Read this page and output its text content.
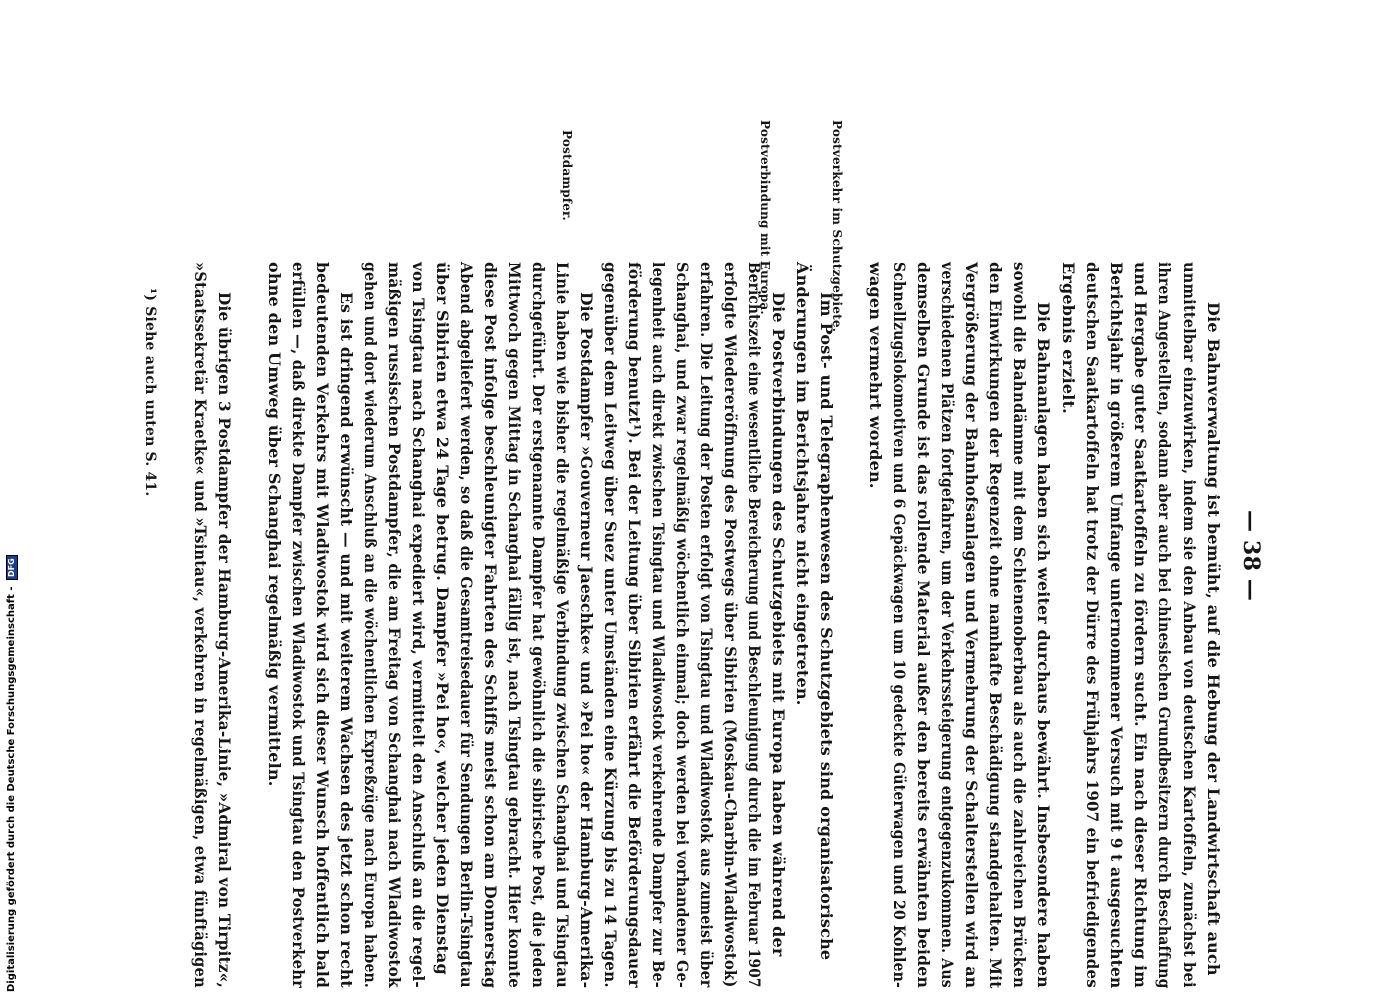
— 38 —
Die Bahnverwaltung ist bemüht, auf die Hebung der Landwirtschaft auch
unmittelbar einzuwirken, indem sie den Anbau von deutschen Kartoffeln, zunächst bei
ihren Angestellten, sodann aber auch bei chinesischen Grundbesitzern durch Beschaffung
und Hergabe guter Saatkartoffeln zu fördern sucht. Ein nach dieser Richtung im
Berichtsjahr in größerem Umfange unternommener Versuch mit 9 t ausgesuchten
deutschen Saatkartoffeln hat trotz der Dürre des Frühjahrs 1907 ein befriedigendes
Ergebnis erzielt.
Die Bahnanlagen haben sich weiter durchaus bewährt. Insbesondere haben
sowohl die Bahndämme mit dem Schienenoberbau als auch die zahlreichen Brücken
den Einwirkungen der Regenzeit ohne namhafte Beschädigung standgehalten. Mit
Vergrößerung der Bahnhofsanlagen und Vermehrung der Schalterstellen wird an
verschiedenen Plätzen fortgefahren, um der Verkehrssteigerung entgegenzukommen. Aus
demselben Grunde ist das rollende Material außer den bereits erwähnten beiden
Schnellzugslokomotiven und 6 Gepäckwagen um 10 gedeckte Güterwagen und 20 Kohlen-
wagen vermehrt worden.
Im Post- und Telegraphenwesen des Schutzgebiets sind organisatorische
Änderungen im Berichtsjahre nicht eingetreten.
Die Postverbindungen des Schutzgebiets mit Europa haben während der
Berichtszeit eine wesentliche Bereicherung und Beschleunigung durch die im Februar 1907
erfolgte Wiedereröffnung des Postwegs über Sibirien (Moskau-Charbin-Wladiwostok)
erfahren. Die Leitung der Posten erfolgt von Tsingtau und Wladiwostok aus zumeist über
Schanghai, und zwar regelmäßig wöchentlich einmal; doch werden bei vorhandener Ge-
legenheit auch direkt zwischen Tsingtau und Wladiwostok verkehrende Dampfer zur Be-
förderung benutzt¹). Bei der Leitung über Sibirien erfährt die Beförderungsdauer
gegenüber dem Leitweg über Suez unter Umständen eine Kürzung bis zu 14 Tagen.
Die Postdampfer »Gouverneur Jaeschke« und »Pei ho« der Hamburg-Amerika-
Linie haben wie bisher die regelmäßige Verbindung zwischen Schanghai und Tsingtau
durchgeführt. Der erstgenannte Dampfer hat gewöhnlich die sibirische Post, die jeden
Mittwoch gegen Mittag in Schanghai fällig ist, nach Tsingtau gebracht. Hier konnte
diese Post infolge beschleunigter Fahrten des Schiffs meist schon am Donnerstag
Abend abgeliefert werden, so daß die Gesamtreisedauer für Sendungen Berlin-Tsingtau
über Sibirien etwa 24 Tage betrug. Dampfer »Pei ho«, welcher jeden Dienstag
von Tsingtau nach Schanghai expediert wird, vermittelt den Anschluß an die regel-
mäßigen russischen Postdampfer, die am Freitag von Schanghai nach Wladiwostok
gehen und dort wiederum Anschluß an die wöchentlichen Expreßzüge nach Europa haben.
Es ist dringend erwünscht — und mit weiterem Wachsen des jetzt schon recht
bedeutenden Verkehrs mit Wladiwostok wird sich dieser Wunsch hoffentlich bald
erfüllen —, daß direkte Dampfer zwischen Wladiwostok und Tsingtau den Postverkehr
ohne den Umweg über Schanghai regelmäßig vermitteln.
Die übrigen 3 Postdampfer der Hamburg-Amerika-Linie, »Admiral von Tirpitz«,
»Staatssekretär Kraetke« und »Tsintau«, verkehren in regelmäßigen, etwa fünftägigen
Postverkehr im Schutzgebiete.
Postverbindung mit Europa.
Postdampfer.
¹) Siehe auch unten S. 41.
Digitalisierung gefördert durch die Deutsche Forschungsgemeinschaft - DFG
